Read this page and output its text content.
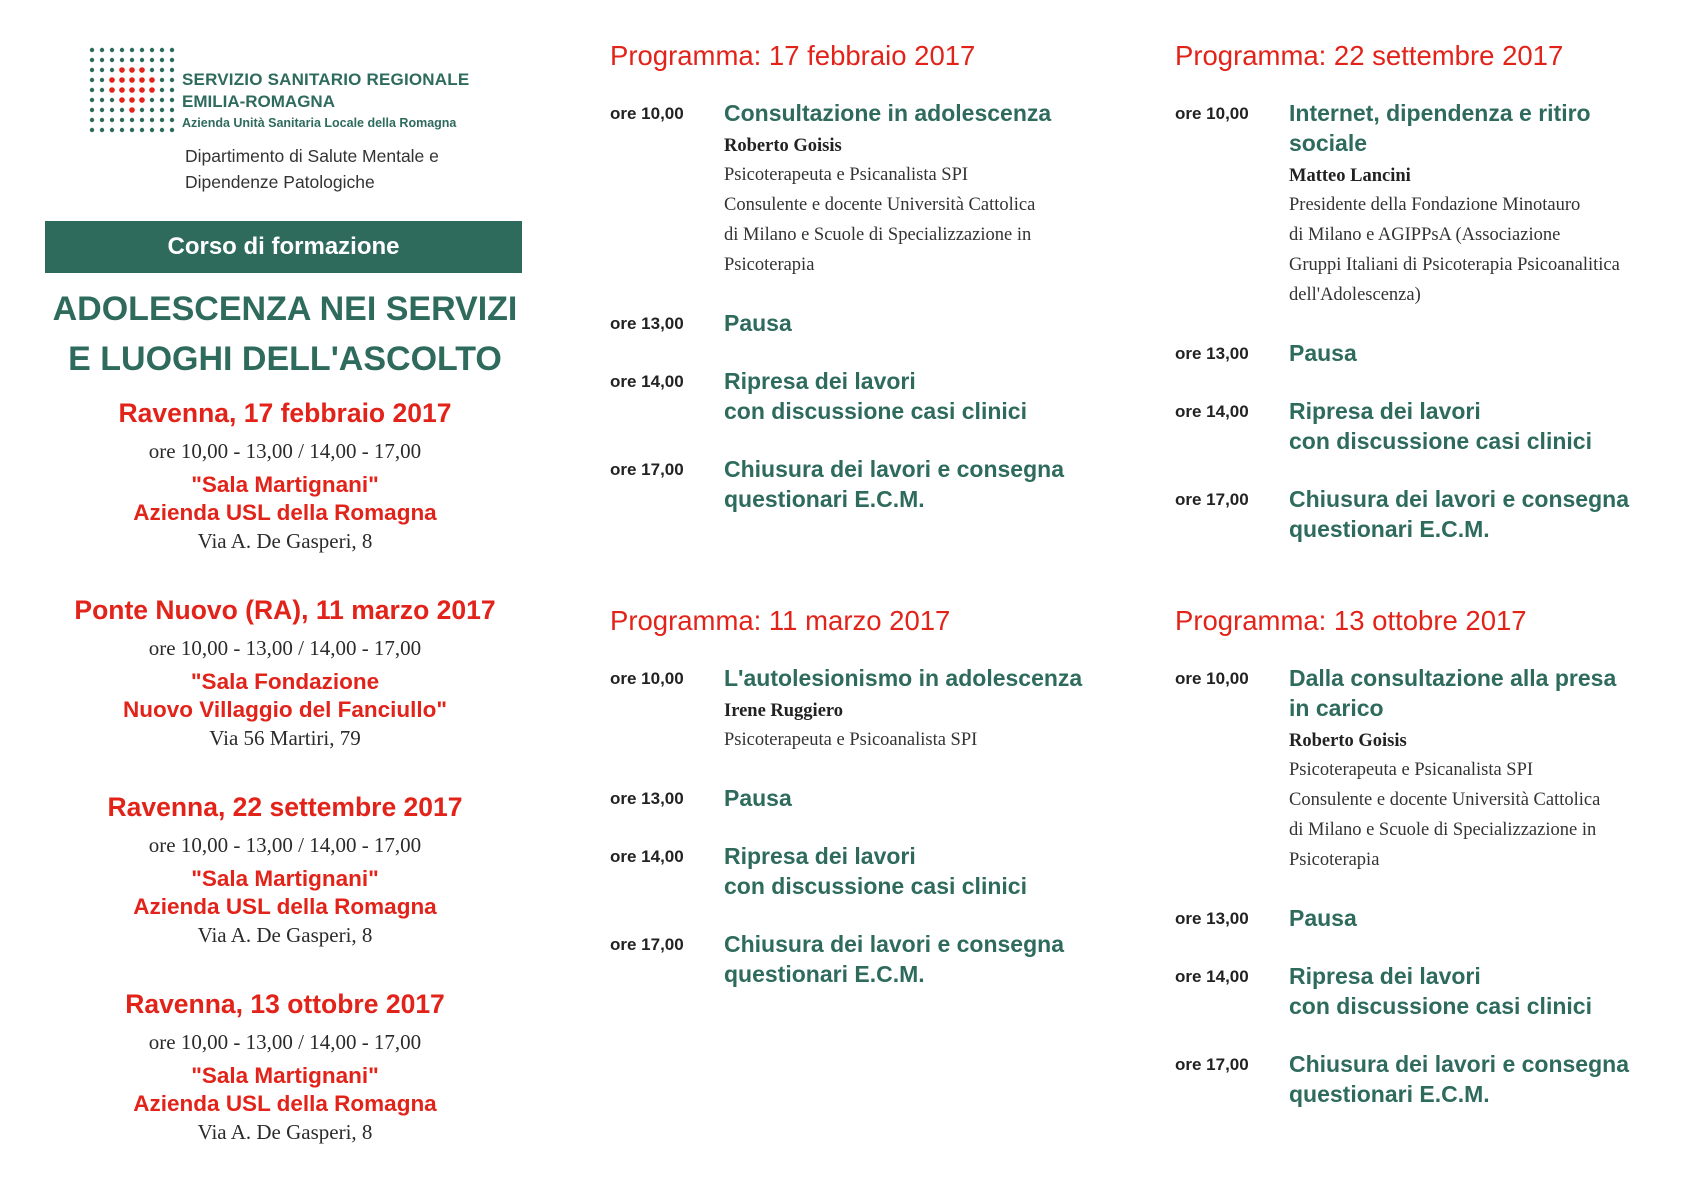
SERVIZIO SANITARIO REGIONALE
EMILIA-ROMAGNA
Azienda Unità Sanitaria Locale della Romagna
Dipartimento di Salute Mentale e
Dipendenze Patologiche
Corso di formazione
ADOLESCENZA NEI SERVIZI
E LUOGHI DELL'ASCOLTO
Ravenna, 17 febbraio 2017
ore 10,00 - 13,00 / 14,00 - 17,00
"Sala Martignani"
Azienda USL della Romagna
Via A. De Gasperi, 8
Ponte Nuovo (RA), 11 marzo 2017
ore 10,00 - 13,00 / 14,00 - 17,00
"Sala Fondazione
Nuovo Villaggio del Fanciullo"
Via 56 Martiri, 79
Ravenna, 22 settembre 2017
ore 10,00 - 13,00 / 14,00 - 17,00
"Sala Martignani"
Azienda USL della Romagna
Via A. De Gasperi, 8
Ravenna, 13 ottobre 2017
ore 10,00 - 13,00 / 14,00 - 17,00
"Sala Martignani"
Azienda USL della Romagna
Via A. De Gasperi, 8
Programma: 17 febbraio 2017
ore 10,00 Consultazione in adolescenza
Roberto Goisis
Psicoterapeuta e Psicanalista SPI
Consulente e docente Università Cattolica
di Milano e Scuole di Specializzazione in
Psicoterapia
ore 13,00 Pausa
ore 14,00 Ripresa dei lavori
con discussione casi clinici
ore 17,00 Chiusura dei lavori e consegna
questionari E.C.M.
Programma: 11 marzo 2017
ore 10,00 L'autolesionismo in adolescenza
Irene Ruggiero
Psicoterapeuta e Psicoanalista SPI
ore 13,00 Pausa
ore 14,00 Ripresa dei lavori
con discussione casi clinici
ore 17,00 Chiusura dei lavori e consegna
questionari E.C.M.
Programma: 22 settembre 2017
ore 10,00 Internet, dipendenza e ritiro
sociale
Matteo Lancini
Presidente della Fondazione Minotauro
di Milano e AGIPPsA (Associazione
Gruppi Italiani di Psicoterapia Psicoanalitica
dell'Adolescenza)
ore 13,00 Pausa
ore 14,00 Ripresa dei lavori
con discussione casi clinici
ore 17,00 Chiusura dei lavori e consegna
questionari E.C.M.
Programma: 13 ottobre 2017
ore 10,00 Dalla consultazione alla presa
in carico
Roberto Goisis
Psicoterapeuta e Psicanalista SPI
Consulente e docente Università Cattolica
di Milano e Scuole di Specializzazione in
Psicoterapia
ore 13,00 Pausa
ore 14,00 Ripresa dei lavori
con discussione casi clinici
ore 17,00 Chiusura dei lavori e consegna
questionari E.C.M.
